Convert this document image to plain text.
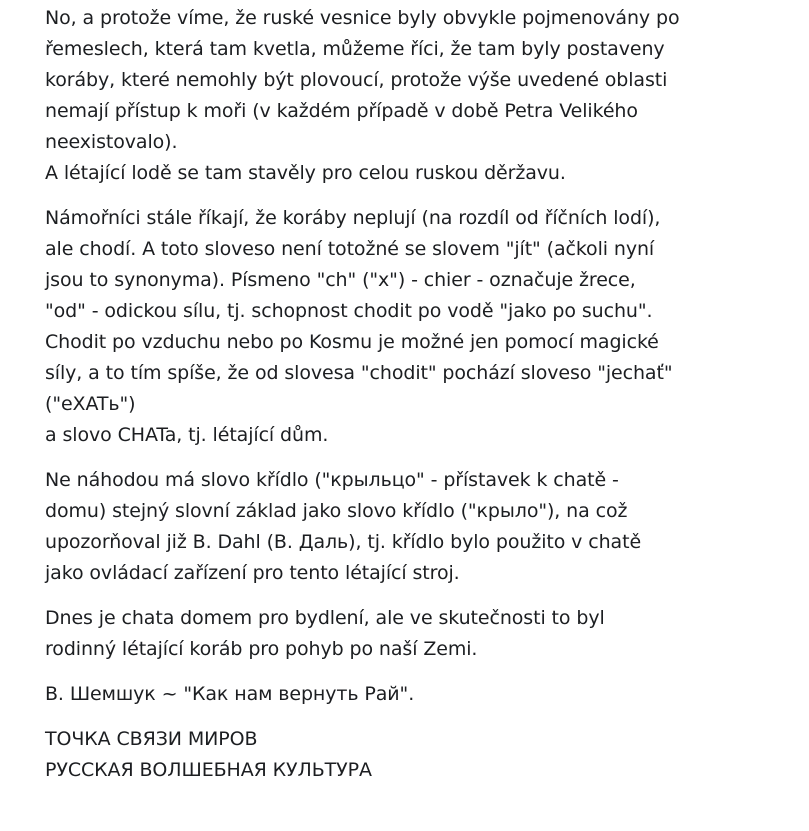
No, a protože víme, že ruské vesnice byly obvykle pojmenovány po
řemeslech, která tam kvetla, můžeme říci, že tam byly postaveny
koráby, které nemohly být plovoucí, protože výše uvedené oblasti
nemají přístup k moři (v každém případě v době Petra Velikého
neexistovalo).
A létající lodě se tam stavěly pro celou ruskou děržavu.

Námořníci stále říkají, že koráby neplují (na rozdíl od říčních lodí),
ale chodí. A toto sloveso není totožné se slovem "jít" (ačkoli nyní
jsou to synonyma). Písmeno "ch" ("х") - chier - označuje žrece,
"od" - odickou sílu, tj. schopnost chodit po vodě "jako po suchu".
Chodit po vzduchu nebo po Kosmu je možné jen pomocí magické
síly, a to tím spíše, že od slovesa "chodit" pochází sloveso "jechať"
("eXATь")
a slovo CHATa, tj. létající dům.

Ne náhodou má slovo křídlo ("крыльцо" - přístavek k chatě -
domu) stejný slovní základ jako slovo křídlo ("крыло"), na což
upozorňoval již B. Dahl (В. Даль), tj. křídlo bylo použito v chatě
jako ovládací zařízení pro tento létající stroj.

Dnes je chata domem pro bydlení, ale ve skutečnosti to byl
rodinný létající koráb pro pohyb po naší Zemi.

В. Шемшук ~ "Как нам вернуть Рай".

ТОЧКА СВЯЗИ МИРОВ
РУССКАЯ ВОЛШЕБНАЯ КУЛЬТУРА
